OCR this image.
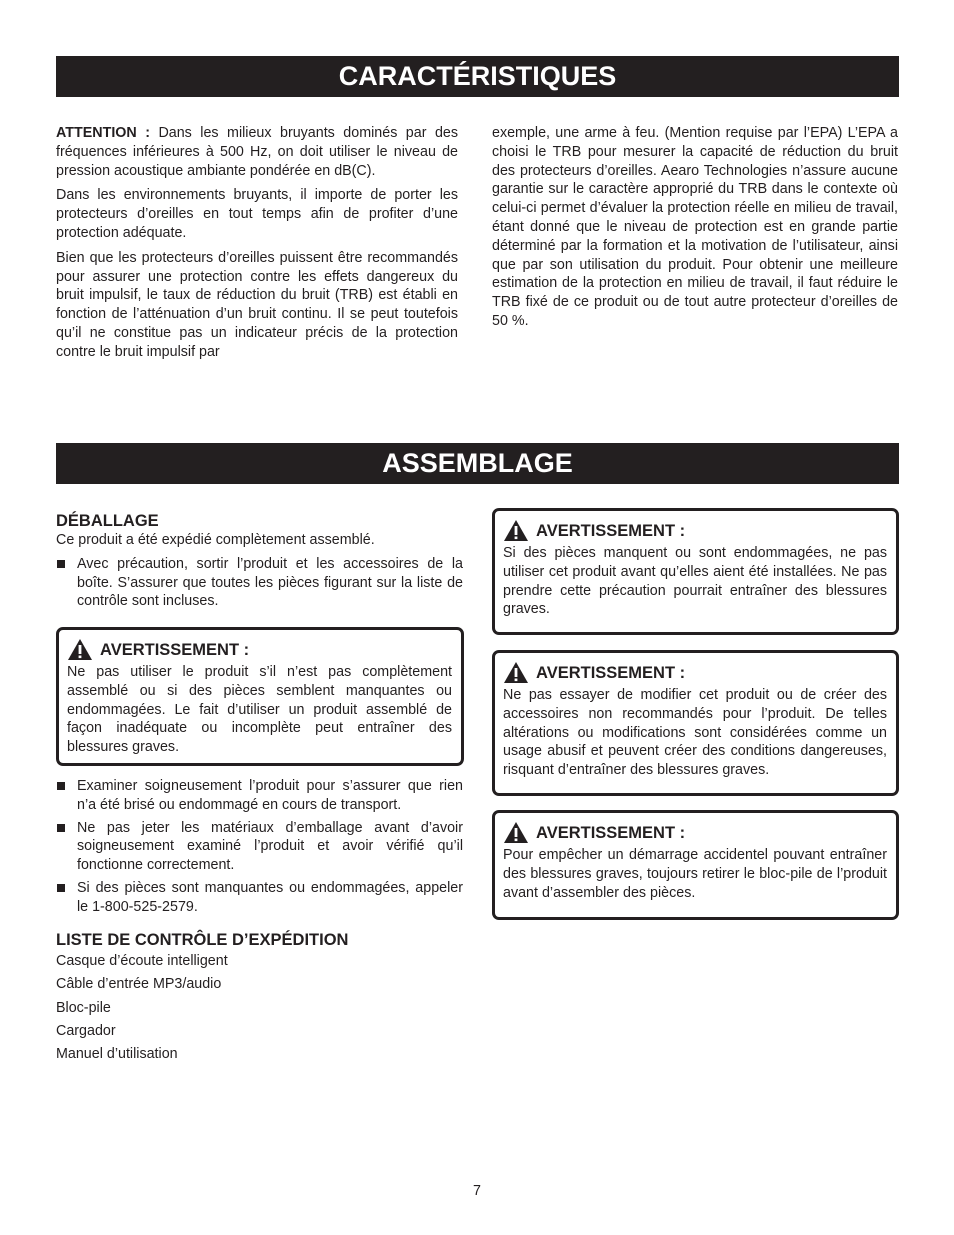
CARACTÉRISTIQUES

ATTENTION : Dans les milieux bruyants dominés par des fréquences inférieures à 500 Hz, on doit utiliser le niveau de pression acoustique ambiante pondérée en dB(C).

Dans les environnements bruyants, il importe de porter les protecteurs d’oreilles en tout temps afin de profiter d’une protection adéquate.

Bien que les protecteurs d’oreilles puissent être recommandés pour assurer une protection contre les effets dangereux du bruit impulsif, le taux de réduction du bruit (TRB) est établi en fonction de l’atténuation d’un bruit continu. Il se peut toutefois qu’il ne constitue pas un indicateur précis de la protection contre le bruit impulsif par

exemple, une arme à feu. (Mention requise par l’EPA) L’EPA a choisi le TRB pour mesurer la capacité de réduction du bruit des protecteurs d’oreilles. Aearo Technologies n’assure aucune garantie sur le caractère approprié du TRB dans le contexte où celui-ci permet d’évaluer la protection réelle en milieu de travail, étant donné que le niveau de protection est en grande partie déterminé par la formation et la motivation de l’utilisateur, ainsi que par son utilisation du produit. Pour obtenir une meilleure estimation de la protection en milieu de travail, il faut réduire le TRB fixé de ce produit ou de tout autre protecteur d’oreilles de 50 %.

ASSEMBLAGE
DÉBALLAGE

Ce produit a été expédié complètement assemblé.

Avec précaution, sortir l’produit et les accessoires de la boîte. S’assurer que toutes les pièces figurant sur la liste de contrôle sont incluses.
AVERTISSEMENT :
Ne pas utiliser le produit s’il n’est pas complètement assemblé ou si des pièces semblent manquantes ou endommagées. Le fait d’utiliser un produit assemblé de façon inadéquate ou incomplète peut entraîner des blessures graves.
Examiner soigneusement l’produit pour s’assurer que rien n’a été brisé ou endommagé en cours de transport.
Ne pas jeter les matériaux d’emballage avant d’avoir soigneusement examiné l’produit et avoir vérifié qu’il fonctionne correctement.
Si des pièces sont manquantes ou endommagées, appeler le 1-800-525-2579.
LISTE DE CONTRÔLE D’EXPÉDITION
Casque d’écoute intelligent
Câble d’entrée MP3/audio
Bloc-pile
Cargador
Manuel d’utilisation
AVERTISSEMENT :
Si des pièces manquent ou sont endommagées, ne pas utiliser cet produit avant qu’elles aient été installées. Ne pas prendre cette précaution pourrait entraîner des blessures graves.
AVERTISSEMENT :
Ne pas essayer de modifier cet produit ou de créer des accessoires non recommandés pour l’produit. De telles altérations ou modifications sont considérées comme un usage abusif et peuvent créer des conditions dangereuses, risquant d’entraîner des blessures graves.
AVERTISSEMENT :
Pour empêcher un démarrage accidentel pouvant entraîner des blessures graves, toujours retirer le bloc-pile de l’produit avant d’assembler des pièces.
7
